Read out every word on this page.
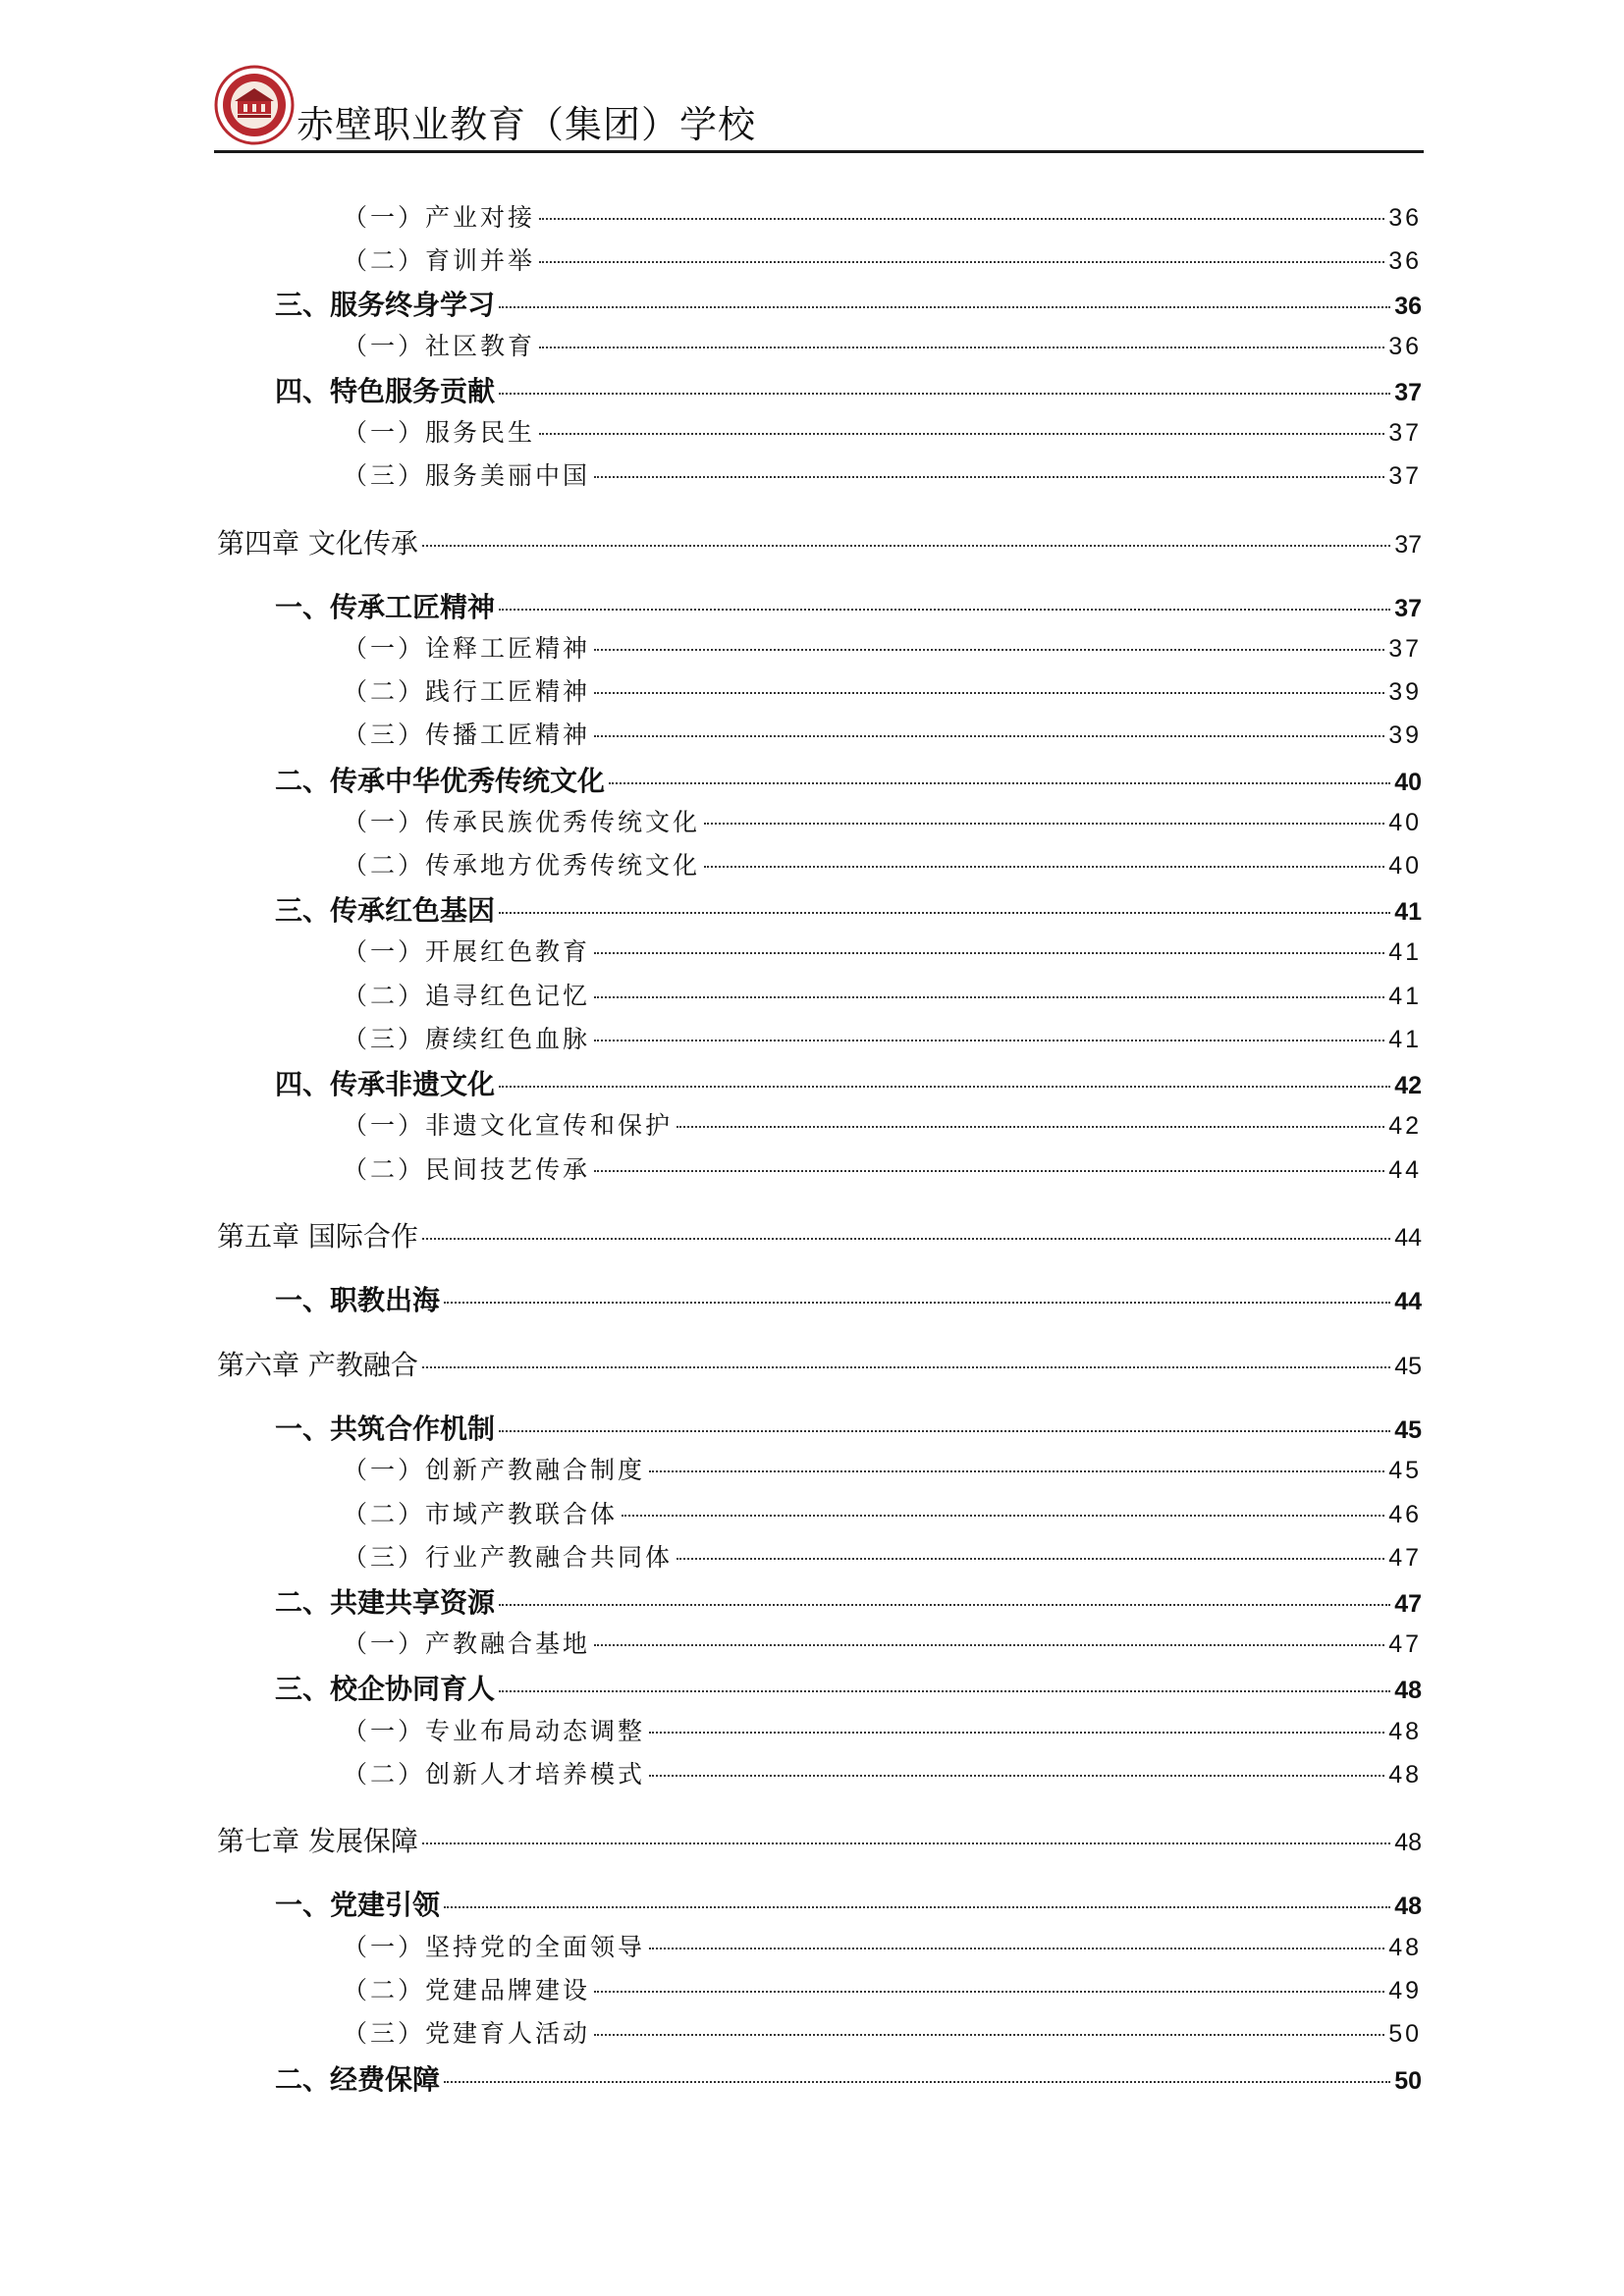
赤壁职业教育（集团）学校
（一）产业对接	36
（二）育训并举	36
三、服务终身学习	36
（一）社区教育	36
四、特色服务贡献	37
（一）服务民生	37
（三）服务美丽中国	37
第四章 文化传承	37
一、传承工匠精神	37
（一）诠释工匠精神	37
（二）践行工匠精神	39
（三）传播工匠精神	39
二、传承中华优秀传统文化	40
（一）传承民族优秀传统文化	40
（二）传承地方优秀传统文化	40
三、传承红色基因	41
（一）开展红色教育	41
（二）追寻红色记忆	41
（三）赓续红色血脉	41
四、传承非遗文化	42
（一）非遗文化宣传和保护	42
（二）民间技艺传承	44
第五章 国际合作	44
一、职教出海	44
第六章 产教融合	45
一、共筑合作机制	45
（一）创新产教融合制度	45
（二）市域产教联合体	46
（三）行业产教融合共同体	47
二、共建共享资源	47
（一）产教融合基地	47
三、校企协同育人	48
（一）专业布局动态调整	48
（二）创新人才培养模式	48
第七章 发展保障	48
一、党建引领	48
（一）坚持党的全面领导	48
（二）党建品牌建设	49
（三）党建育人活动	50
二、经费保障	50
